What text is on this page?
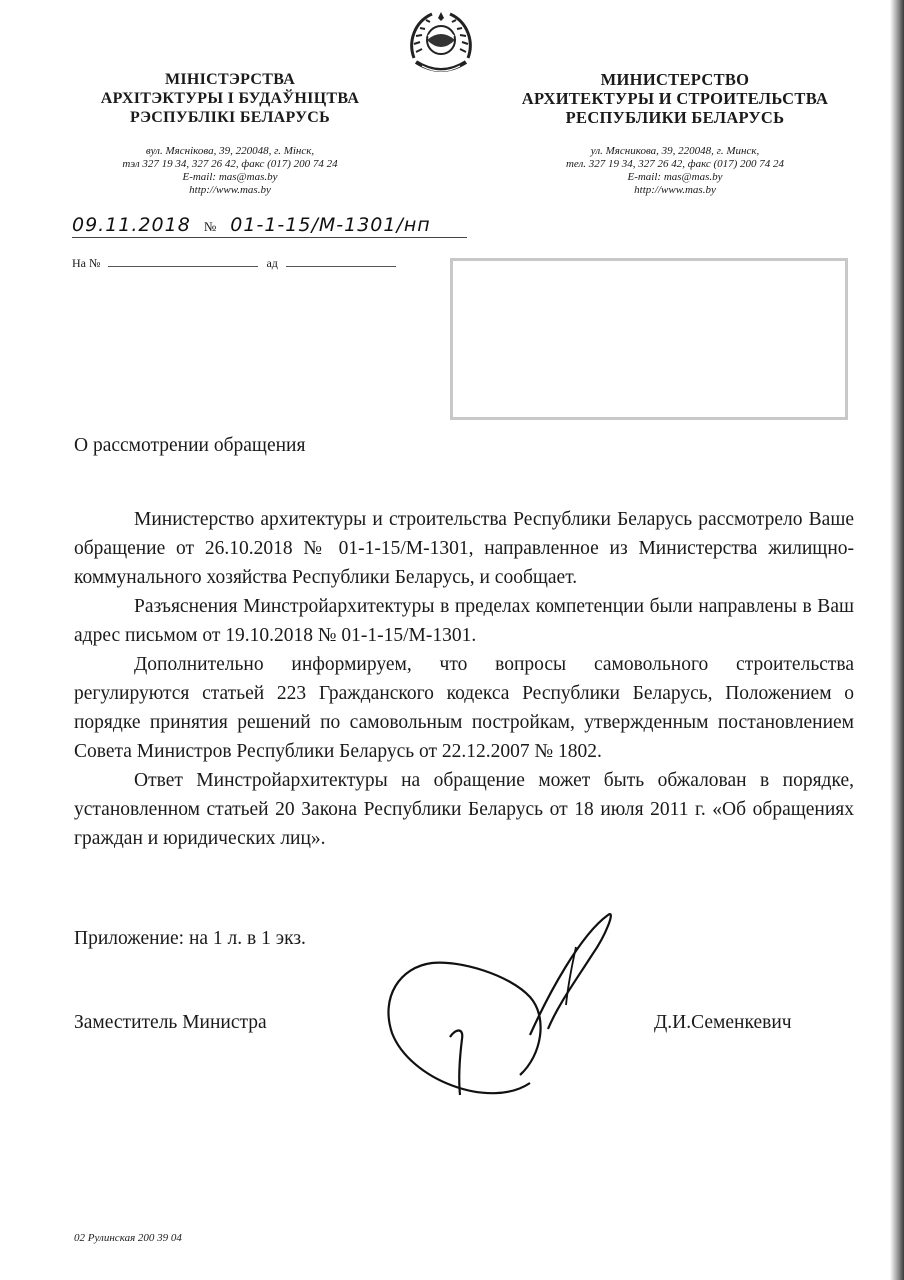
МІНІСТЭРСТВА
АРХІТЭКТУРЫ І БУДАЎНІЦТВА
РЭСПУБЛІКІ БЕЛАРУСЬ
вул. Мяснікова, 39, 220048, г. Мінск,
тэл 327 19 34, 327 26 42, факс (017) 200 74 24
E-mail: mas@mas.by
http://www.mas.by
МИНИСТЕРСТВО
АРХИТЕКТУРЫ И СТРОИТЕЛЬСТВА
РЕСПУБЛИКИ БЕЛАРУСЬ
ул. Мясникова, 39, 220048, г. Минск,
тел. 327 19 34, 327 26 42, факс (017) 200 74 24
E-mail: mas@mas.by
http://www.mas.by
09.11.2018 № 01-1-15/М-1301/нп
На №	ад
О рассмотрении обращения

Министерство архитектуры и строительства Республики Беларусь рассмотрело Ваше обращение от 26.10.2018 № 01-1-15/М-1301, направленное из Министерства жилищно-коммунального хозяйства Республики Беларусь, и сообщает.

Разъяснения Минстройархитектуры в пределах компетенции были направлены в Ваш адрес письмом от 19.10.2018 № 01-1-15/М-1301.

Дополнительно информируем, что вопросы самовольного строительства регулируются статьей 223 Гражданского кодекса Республики Беларусь, Положением о порядке принятия решений по самовольным постройкам, утвержденным постановлением Совета Министров Республики Беларусь от 22.12.2007 № 1802.

Ответ Минстройархитектуры на обращение может быть обжалован в порядке, установленном статьей 20 Закона Республики Беларусь от 18 июля 2011 г. «Об обращениях граждан и юридических лиц».

Приложение: на 1 л. в 1 экз.
Заместитель Министра	Д.И.Семенкевич
02 Рулинская 200 39 04
